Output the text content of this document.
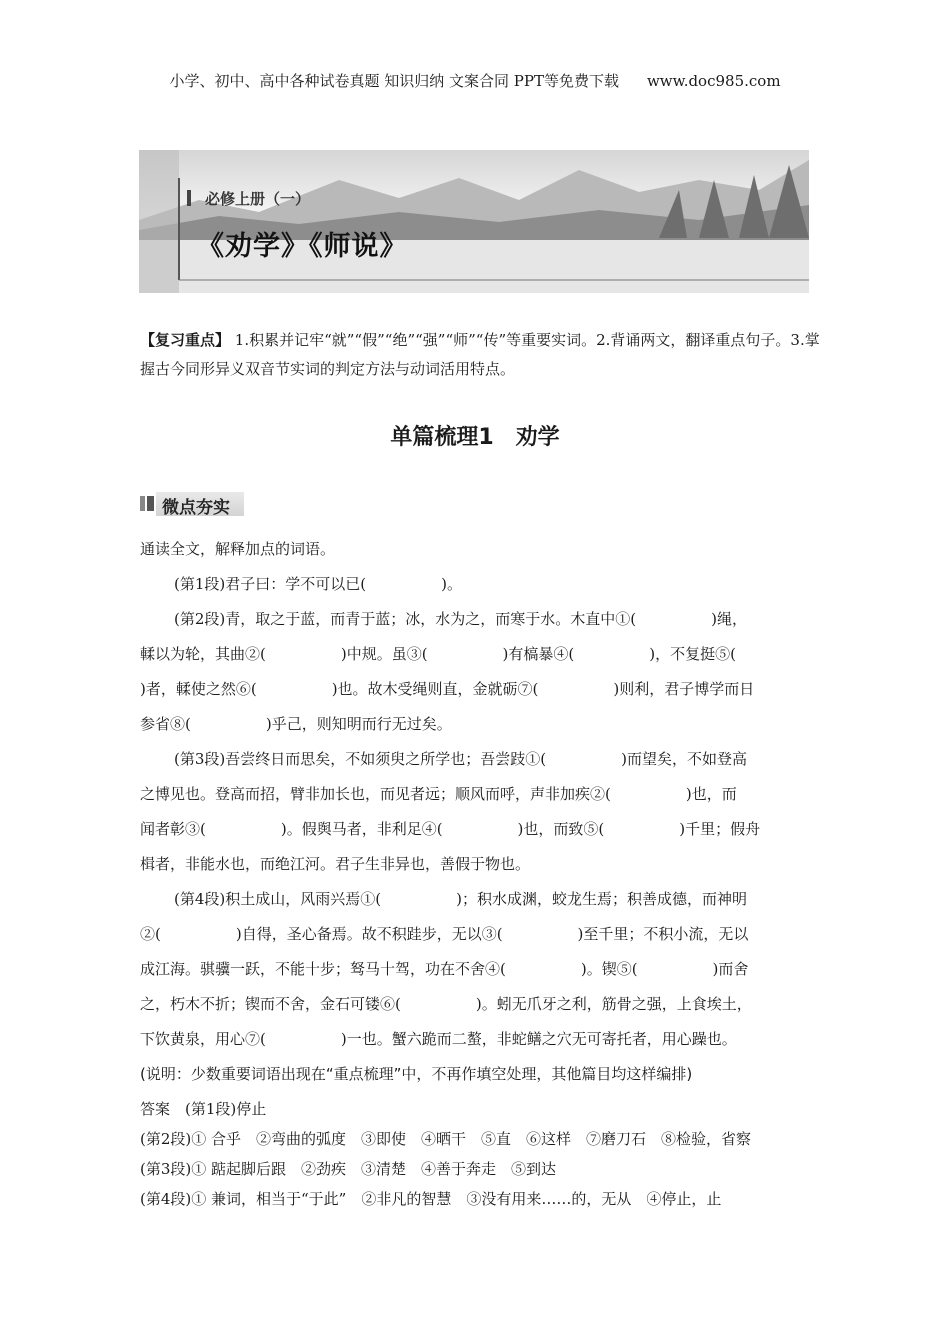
小学、初中、高中各种试卷真题 知识归纳 文案合同 PPT等免费下载 www.doc985.com
必修上册（一）
《劝学》《师说》
【复习重点】 1.积累并记牢“就”“假”“绝”“强”“师”“传”等重要实词。2.背诵两文，翻译重点句子。3.掌握古今同形异义双音节实词的判定方法与动词活用特点。
单篇梳理1　劝学
微点夯实
通读全文，解释加点的词语。
(第1段)君子曰：学不可以已(　　　　　)。
(第2段)青，取之于蓝，而青于蓝；冰，水为之，而寒于水。木直中①(　　　　　)绳，
輮以为轮，其曲②(　　　　　)中规。虽③(　　　　　)有槁暴④(　　　　　)，不复挺⑤(
)者，輮使之然⑥(　　　　　)也。故木受绳则直，金就砺⑦(　　　　　)则利，君子博学而日
参省⑧(　　　　　)乎己，则知明而行无过矣。
(第3段)吾尝终日而思矣，不如须臾之所学也；吾尝跂①(　　　　　)而望矣，不如登高
之博见也。登高而招，臂非加长也，而见者远；顺风而呼，声非加疾②(　　　　　)也，而
闻者彰③(　　　　　)。假舆马者，非利足④(　　　　　)也，而致⑤(　　　　　)千里；假舟
楫者，非能水也，而绝江河。君子生非异也，善假于物也。
(第4段)积土成山，风雨兴焉①(　　　　　)；积水成渊，蛟龙生焉；积善成德，而神明
②(　　　　　)自得，圣心备焉。故不积跬步，无以③(　　　　　)至千里；不积小流，无以
成江海。骐骥一跃，不能十步；驽马十驾，功在不舍④(　　　　　)。锲⑤(　　　　　)而舍
之，朽木不折；锲而不舍，金石可镂⑥(　　　　　)。蚓无爪牙之利，筋骨之强，上食埃土，
下饮黄泉，用心⑦(　　　　　)一也。蟹六跪而二螯，非蛇鳝之穴无可寄托者，用心躁也。
(说明：少数重要词语出现在“重点梳理”中，不再作填空处理，其他篇目均这样编排)
答案　 (第1段)停止
(第2段)① 合乎　②弯曲的弧度　③即使　④晒干　⑤直　⑥这样　⑦磨刀石　⑧检验，省察
(第3段)① 踮起脚后跟　②劲疾　③清楚　④善于奔走　⑤到达
(第4段)① 兼词，相当于“于此”　②非凡的智慧　③没有用来……的，无从　④停止，止
